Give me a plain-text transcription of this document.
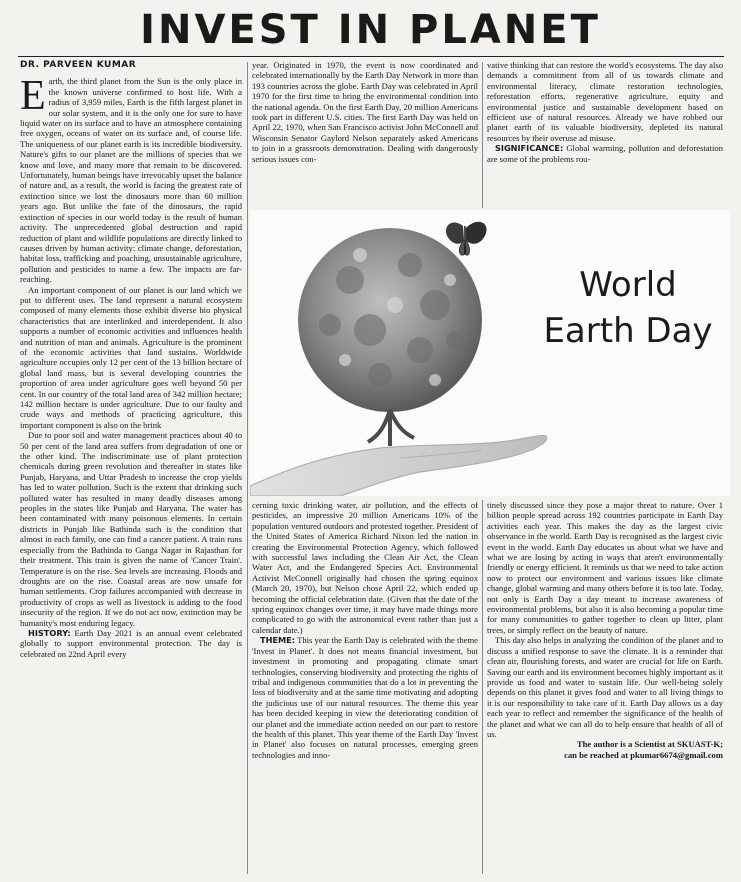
INVEST IN PLANET
DR. PARVEEN KUMAR

Earth, the third planet from the Sun is the only place in the known universe confirmed to host life. With a radius of 3,959 miles, Earth is the fifth largest planet in our solar system, and it is the only one for sure to have liquid water on its surface and to have an atmosphere containing free oxygen, oceans of water on its surface and, of course life. The uniqueness of our planet earth is its incredible biodiversity. Nature's gifts to our planet are the millions of species that we know and love, and many more that remain to be discovered. Unfortunately, human beings have irrevocably upset the balance of nature and, as a result, the world is facing the greatest rate of extinction since we lost the dinosaurs more than 60 million years ago. But unlike the fate of the dinosaurs, the rapid extinction of species in our world today is the result of human activity. The unprecedented global destruction and rapid reduction of plant and wildlife populations are directly linked to causes driven by human activity: climate change, deforestation, habitat loss, trafficking and poaching, unsustainable agriculture, pollution and pesticides to name a few. The impacts are far-reaching.

An important component of our planet is our land which we put to different uses. The land represent a natural ecosystem composed of many elements those exhibit diverse bio physical characteristics that are interlinked and interdependent. It also supports a number of economic activities and influences health and nutrition of man and animals. Agriculture is the prominent of the economic activities that land sustains. Worldwide agriculture occupies only 12 per cent of the 13 billion hectare of global land mass, but is several developing countries the proportion of area under agriculture goes well beyond 50 per cent. In our country of the total land area of 342 million hectare; 142 million hectare is under agriculture. Due to our faulty and crude ways and methods of practicing agriculture, this important component is also on the brink

Due to poor soil and water management practices about 40 to 50 per cent of the land area suffers from degradation of one or the other kind. The indiscriminate use of plant protection chemicals during green revolution and thereafter in states like Punjab, Haryana, and Uttar Pradesh to increase the crop yields has led to water pollution. Such is the extent that drinking such polluted water has resulted in many deadly diseases among peoples in the states like Punjab and Haryana. The water has been contaminated with many poisonous elements. In certain districts in Punjab like Bathinda such is the condition that almost in each family, one can find a cancer patient. A train runs especially from the Bathinda to Ganga Nagar in Rajasthan for their treatment. This train is given the name of 'Cancer Train'. Temperature is on the rise. Sea levels are increasing. Floods and droughts are on the rise. Coastal areas are now unsafe for human settlements. Crop failures accompanied with decrease in productivity of crops as well as livestock is adding to the food insecurity of the region. If we do not act now, extinction may be humanity's most enduring legacy.

HISTORY: Earth Day 2021 is an annual event celebrated globally to support environmental protection. The day is celebrated on 22nd April every

year. Originated in 1970, the event is now coordinated and celebrated internationally by the Earth Day Network in more than 193 countries across the globe. Earth Day was celebrated in April 1970 for the first time to bring the environmental condition into the national agenda. On the first Earth Day, 20 million Americans took part in different U.S. cities. The first Earth Day was held on April 22, 1970, when San Francisco activist John McConnell and Wisconsin Senator Gaylord Nelson separately asked Americans to join in a grassroots demonstration. Dealing with dangerously serious issues con-

vative thinking that can restore the world's ecosystems. The day also demands a commitment from all of us towards climate and environmental literacy, climate restoration technologies, reforestation efforts, regenerative agriculture, equity and environmental justice and sustainable development based on efficient use of natural resources. Already we have robbed our planet earth of its valuable biodiversity, depleted its natural resources by their overuse ad misuse.

SIGNIFICANCE: Global warming, pollution and deforestation are some of the problems rou-

World
Earth Day

cerning toxic drinking water, air pollution, and the effects of pesticides, an impressive 20 million Americans 10% of the population ventured outdoors and protested together. President of the United States of America Richard Nixon led the nation in creating the Environmental Protection Agency, which followed with successful laws including the Clean Air Act, the Clean Water Act, and the Endangered Species Act. Environmental Activist McConnell originally had chosen the spring equinox (March 20, 1970), but Nelson chose April 22, which ended up becoming the official celebration date. (Given that the date of the spring equinox changes over time, it may have made things more complicated to go with the astronomical event rather than just a calendar date.)

THEME: This year the Earth Day is celebrated with the theme 'Invest in Planet'. It does not means financial investment, but investment in promoting and propagating climate smart technologies, conserving biodiversity and protecting the rights of tribal and indigenous communities that do a lot in preventing the loss of biodiversity and at the same time motivating and adopting the judicious use of our natural resources. The theme this year has been decided keeping in view the deteriorating condition of our planet and the immediate action needed on our part to restore the health of this planet. This year theme of the Earth Day 'Invest in Planet' also focuses on natural processes, emerging green technologies and inno-

tinely discussed since they pose a major threat to nature. Over 1 billion people spread across 192 countries participate in Earth Day activities each year. This makes the day as the largest civic observance in the world. Earth Day is recognised as the largest civic event in the world. Earth Day educates us about what we have and what we are losing by acting in ways that aren't environmentally friendly or energy efficient. It reminds us that we need to take action now to protect our environment and various issues like climate change, global warming and many others before it is too late. Today, not only is Earth Day a day meant to increase awareness of environmental problems, but also it is also becoming a popular time for many communities to gather together to clean up litter, plant trees, or simply reflect on the beauty of nature.

This day also helps in analyzing the condition of the planet and to discuss a unified response to save the climate. It is a reminder that clean air, flourishing forests, and water are crucial for life on Earth. Saving our earth and its environment becomes highly important as it provide us food and water to sustain life. Our well-being solely depends on this planet it gives food and water to all living things to it is our responsibility to take care of it. Earth Day allows us a day each year to reflect and remember the significance of the health of the planet and what we can all do to help ensure that health of all of us.

The author is a Scientist at SKUAST-K;

can be reached at pkumar6674@gmail.com
